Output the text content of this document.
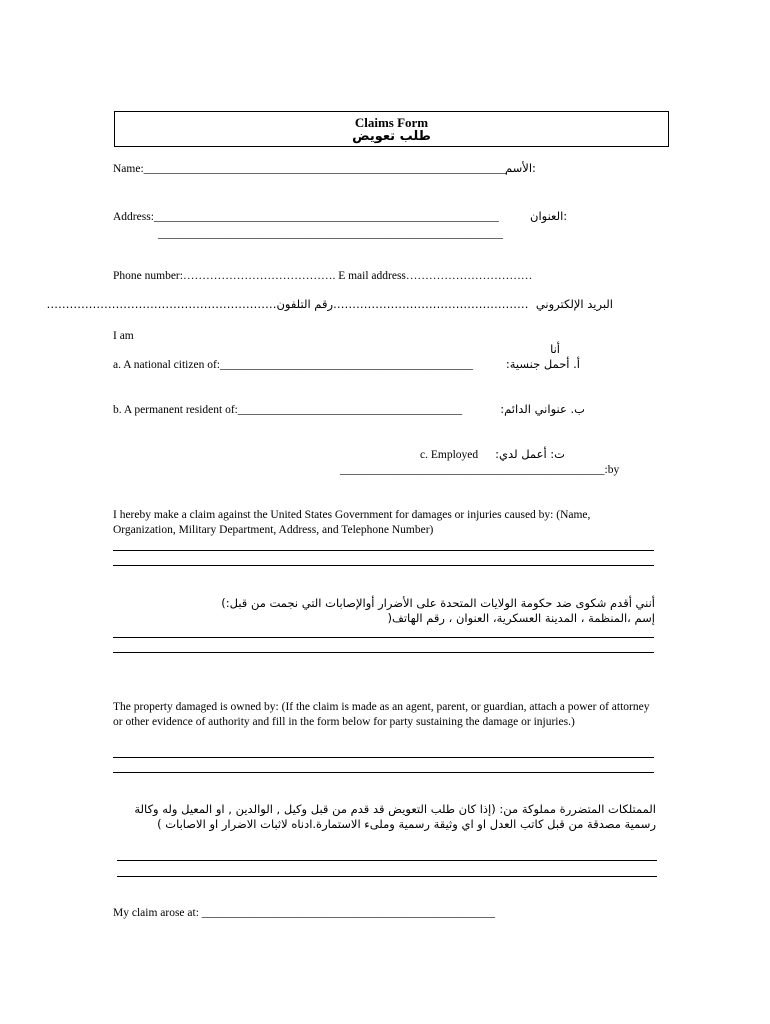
Claims Form
طلب تعويض
Name:_______________________________________________________________ :الأسم
Address:____________________________________________________________	:العنوان
____________________________________________________________
Phone number:…………………………………. E mail address……………………………
البريد الإلكتروني  ……………………………………………رقم التلفون……………………………………………………
I am
أنا
a. A national citizen of:____________________________________________	أ. أحمل جنسية:
b. A permanent resident of:_______________________________________	ب. عنواني الدائم:
c. Employed	ت: أعمل لدي:
______________________________________________:by
I hereby make a claim against the United States Government for damages or injuries caused by: (Name, Organization, Military Department, Address, and Telephone Number)
أنني أقدم شكوى ضد حكومة الولايات المتحدة على الأضرار أوالإصابات التي نجمت من قبل:)
إسم ،المنظمة ، المدينة العسكرية، العنوان ، رقم الهاتف(
The property damaged is owned by: (If the claim is made as an agent, parent, or guardian, attach a power of attorney or other evidence of authority and fill in the form below for party sustaining the damage or injuries.)
الممتلكات المتضررة مملوكة من: (إذا كان طلب التعويض قد قدم من قبل وكيل , الوالدين , او المعيل وله وكالة رسمية مصدقة من قبل كاتب العدل او اي وثيقة رسمية وملىء الاستمارة.ادناه لاثبات الاضرار او الاصابات )
My claim arose at: ___________________________________________________
